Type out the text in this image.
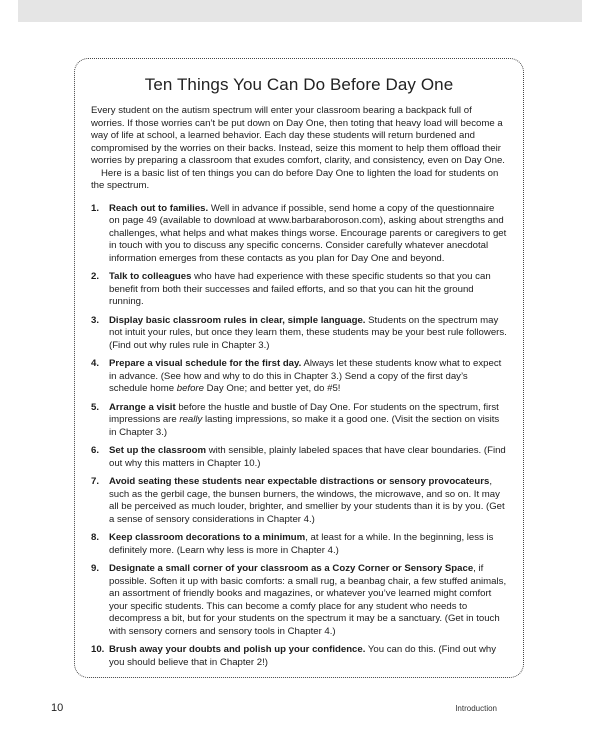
Ten Things You Can Do Before Day One

Every student on the autism spectrum will enter your classroom bearing a backpack full of worries. If those worries can’t be put down on Day One, then toting that heavy load will become a way of life at school, a learned behavior. Each day these students will return burdened and compromised by the worries on their backs. Instead, seize this moment to help them offload their worries by preparing a classroom that exudes comfort, clarity, and consistency, even on Day One.

Here is a basic list of ten things you can do before Day One to lighten the load for students on the spectrum.

1. Reach out to families. Well in advance if possible, send home a copy of the questionnaire on page 49 (available to download at www.barbaraboroson.com), asking about strengths and challenges, what helps and what makes things worse. Encourage parents or caregivers to get in touch with you to discuss any specific concerns. Consider carefully whatever anecdotal information emerges from these contacts as you plan for Day One and beyond.
2. Talk to colleagues who have had experience with these specific students so that you can benefit from both their successes and failed efforts, and so that you can hit the ground running.
3. Display basic classroom rules in clear, simple language. Students on the spectrum may not intuit your rules, but once they learn them, these students may be your best rule followers. (Find out why rules rule in Chapter 3.)
4. Prepare a visual schedule for the first day. Always let these students know what to expect in advance. (See how and why to do this in Chapter 3.) Send a copy of the first day’s schedule home before Day One; and better yet, do #5!
5. Arrange a visit before the hustle and bustle of Day One. For students on the spectrum, first impressions are really lasting impressions, so make it a good one. (Visit the section on visits in Chapter 3.)
6. Set up the classroom with sensible, plainly labeled spaces that have clear boundaries. (Find out why this matters in Chapter 10.)
7. Avoid seating these students near expectable distractions or sensory provocateurs, such as the gerbil cage, the bunsen burners, the windows, the microwave, and so on. It may all be perceived as much louder, brighter, and smellier by your students than it is by you. (Get a sense of sensory considerations in Chapter 4.)
8. Keep classroom decorations to a minimum, at least for a while. In the beginning, less is definitely more. (Learn why less is more in Chapter 4.)
9. Designate a small corner of your classroom as a Cozy Corner or Sensory Space, if possible. Soften it up with basic comforts: a small rug, a beanbag chair, a few stuffed animals, an assortment of friendly books and magazines, or whatever you’ve learned might comfort your specific students. This can become a comfy place for any student who needs to decompress a bit, but for your students on the spectrum it may be a sanctuary. (Get in touch with sensory corners and sensory tools in Chapter 4.)
10. Brush away your doubts and polish up your confidence. You can do this. (Find out why you should believe that in Chapter 2!)
10	Introduction
